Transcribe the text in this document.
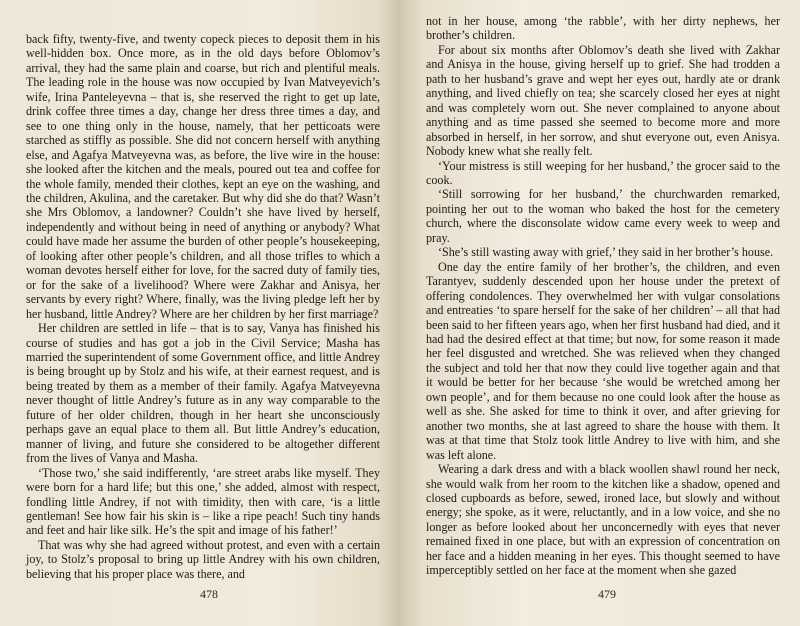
back fifty, twenty-five, and twenty copeck pieces to deposit them in his well-hidden box. Once more, as in the old days before Oblomov’s arrival, they had the same plain and coarse, but rich and plentiful meals. The leading role in the house was now occupied by Ivan Matveyevich’s wife, Irina Panteleyevna – that is, she reserved the right to get up late, drink coffee three times a day, change her dress three times a day, and see to one thing only in the house, namely, that her petticoats were starched as stiffly as possible. She did not concern herself with anything else, and Agafya Matveyevna was, as before, the live wire in the house: she looked after the kitchen and the meals, poured out tea and coffee for the whole family, mended their clothes, kept an eye on the washing, and the children, Akulina, and the caretaker. But why did she do that? Wasn’t she Mrs Oblomov, a landowner? Couldn’t she have lived by herself, independently and without being in need of anything or anybody? What could have made her assume the burden of other people’s housekeeping, of looking after other people’s children, and all those trifles to which a woman devotes herself either for love, for the sacred duty of family ties, or for the sake of a livelihood? Where were Zakhar and Anisya, her servants by every right? Where, finally, was the living pledge left her by her husband, little Andrey? Where are her children by her first marriage?

Her children are settled in life – that is to say, Vanya has finished his course of studies and has got a job in the Civil Service; Masha has married the superintendent of some Government office, and little Andrey is being brought up by Stolz and his wife, at their earnest request, and is being treated by them as a member of their family. Agafya Matveyevna never thought of little Andrey’s future as in any way comparable to the future of her older children, though in her heart she unconsciously perhaps gave an equal place to them all. But little Andrey’s education, manner of living, and future she considered to be altogether different from the lives of Vanya and Masha.

‘Those two,’ she said indifferently, ‘are street arabs like myself. They were born for a hard life; but this one,’ she added, almost with respect, fondling little Andrey, if not with timidity, then with care, ‘is a little gentleman! See how fair his skin is – like a ripe peach! Such tiny hands and feet and hair like silk. He’s the spit and image of his father!’

That was why she had agreed without protest, and even with a certain joy, to Stolz’s proposal to bring up little Andrey with his own children, believing that his proper place was there, and

478

not in her house, among ‘the rabble’, with her dirty nephews, her brother’s children.

For about six months after Oblomov’s death she lived with Zakhar and Anisya in the house, giving herself up to grief. She had trodden a path to her husband’s grave and wept her eyes out, hardly ate or drank anything, and lived chiefly on tea; she scarcely closed her eyes at night and was completely worn out. She never complained to anyone about anything and as time passed she seemed to become more and more absorbed in herself, in her sorrow, and shut everyone out, even Anisya. Nobody knew what she really felt.

‘Your mistress is still weeping for her husband,’ the grocer said to the cook.

‘Still sorrowing for her husband,’ the churchwarden remarked, pointing her out to the woman who baked the host for the cemetery church, where the disconsolate widow came every week to weep and pray.

‘She’s still wasting away with grief,’ they said in her brother’s house.

One day the entire family of her brother’s, the children, and even Tarantyev, suddenly descended upon her house under the pretext of offering condolences. They overwhelmed her with vulgar consolations and entreaties ‘to spare herself for the sake of her children’ – all that had been said to her fifteen years ago, when her first husband had died, and it had had the desired effect at that time; but now, for some reason it made her feel disgusted and wretched. She was relieved when they changed the subject and told her that now they could live together again and that it would be better for her because ‘she would be wretched among her own people’, and for them because no one could look after the house as well as she. She asked for time to think it over, and after grieving for another two months, she at last agreed to share the house with them. It was at that time that Stolz took little Andrey to live with him, and she was left alone.

Wearing a dark dress and with a black woollen shawl round her neck, she would walk from her room to the kitchen like a shadow, opened and closed cupboards as before, sewed, ironed lace, but slowly and without energy; she spoke, as it were, reluctantly, and in a low voice, and she no longer as before looked about her unconcernedly with eyes that never remained fixed in one place, but with an expression of concentration on her face and a hidden meaning in her eyes. This thought seemed to have imperceptibly settled on her face at the moment when she gazed

479
